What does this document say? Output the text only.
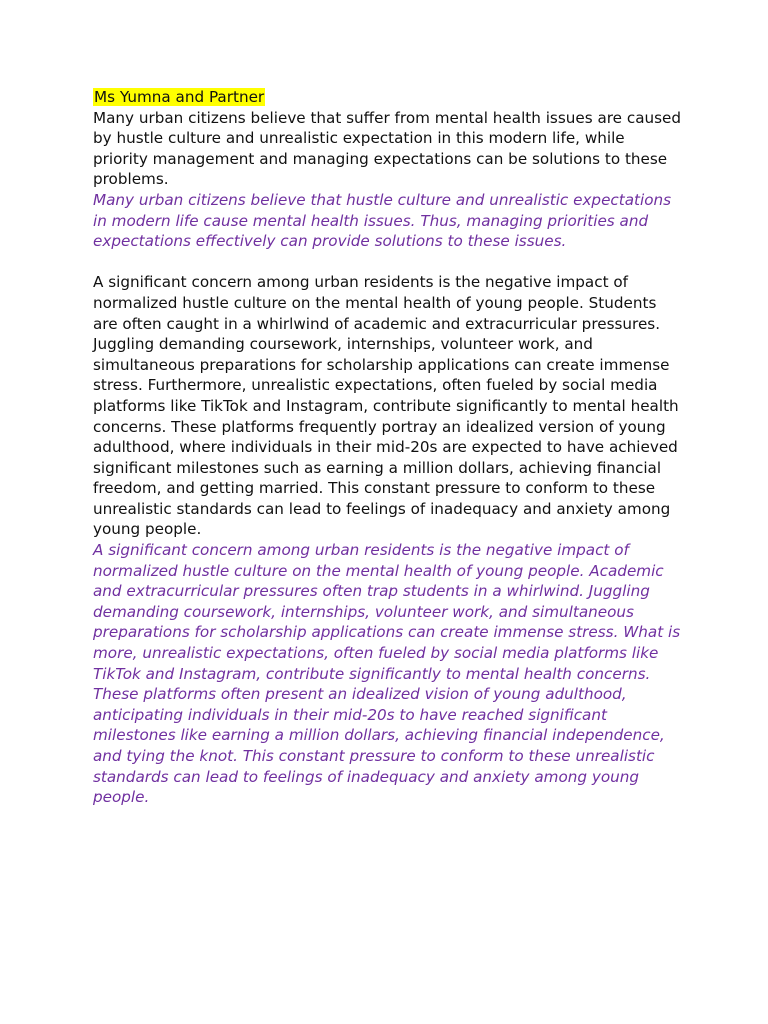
Ms Yumna and Partner

Many urban citizens believe that suffer from mental health issues are caused by hustle culture and unrealistic expectation in this modern life, while priority management and managing expectations can be solutions to these problems.

Many urban citizens believe that hustle culture and unrealistic expectations in modern life cause mental health issues. Thus, managing priorities and expectations effectively can provide solutions to these issues.

A significant concern among urban residents is the negative impact of normalized hustle culture on the mental health of young people. Students are often caught in a whirlwind of academic and extracurricular pressures. Juggling demanding coursework, internships, volunteer work, and simultaneous preparations for scholarship applications can create immense stress. Furthermore, unrealistic expectations, often fueled by social media platforms like TikTok and Instagram, contribute significantly to mental health concerns. These platforms frequently portray an idealized version of young adulthood, where individuals in their mid-20s are expected to have achieved significant milestones such as earning a million dollars, achieving financial freedom, and getting married. This constant pressure to conform to these unrealistic standards can lead to feelings of inadequacy and anxiety among young people.

A significant concern among urban residents is the negative impact of normalized hustle culture on the mental health of young people. Academic and extracurricular pressures often trap students in a whirlwind. Juggling demanding coursework, internships, volunteer work, and simultaneous preparations for scholarship applications can create immense stress. What is more, unrealistic expectations, often fueled by social media platforms like TikTok and Instagram, contribute significantly to mental health concerns. These platforms often present an idealized vision of young adulthood, anticipating individuals in their mid-20s to have reached significant milestones like earning a million dollars, achieving financial independence, and tying the knot. This constant pressure to conform to these unrealistic standards can lead to feelings of inadequacy and anxiety among young people.
